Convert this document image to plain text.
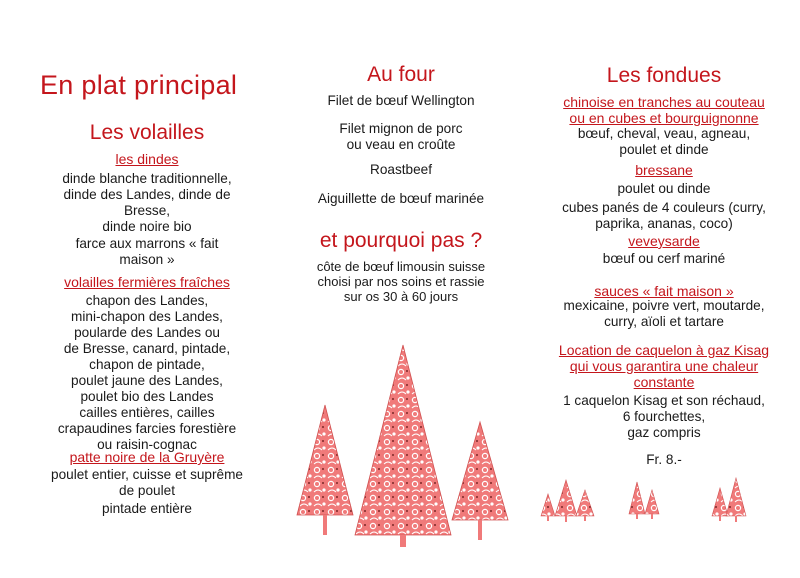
En plat principal
Les volailles
les dindes
dinde blanche traditionnelle,
dinde des Landes, dinde de
Bresse,
dinde noire bio
farce aux marrons « fait
maison »
volailles fermières fraîches
chapon des Landes,
mini-chapon des Landes,
poularde des Landes ou
de Bresse, canard, pintade,
chapon de pintade,
poulet jaune des Landes,
poulet bio des Landes
cailles entières, cailles
crapaudines farcies forestière
ou raisin-cognac
patte noire de la Gruyère
poulet entier, cuisse et suprême
de poulet
pintade entière
Au four
Filet de bœuf Wellington
Filet mignon de porc
ou veau en croûte
Roastbeef
Aiguillette de bœuf marinée
et pourquoi pas ?
côte de bœuf limousin suisse
choisi par nos soins et rassie
sur os 30 à 60 jours
Les fondues
chinoise en tranches au couteau
ou en cubes et bourguignonne
bœuf, cheval, veau, agneau,
poulet et dinde
bressane
poulet ou dinde
cubes panés de 4 couleurs (curry,
paprika, ananas, coco)
veveysarde
bœuf ou cerf mariné
sauces « fait maison »
mexicaine, poivre vert, moutarde,
curry, aïoli et tartare
Location de caquelon à gaz Kisag
qui vous garantira une chaleur
constante
1 caquelon Kisag et son réchaud,
6 fourchettes,
gaz compris
Fr. 8.-
